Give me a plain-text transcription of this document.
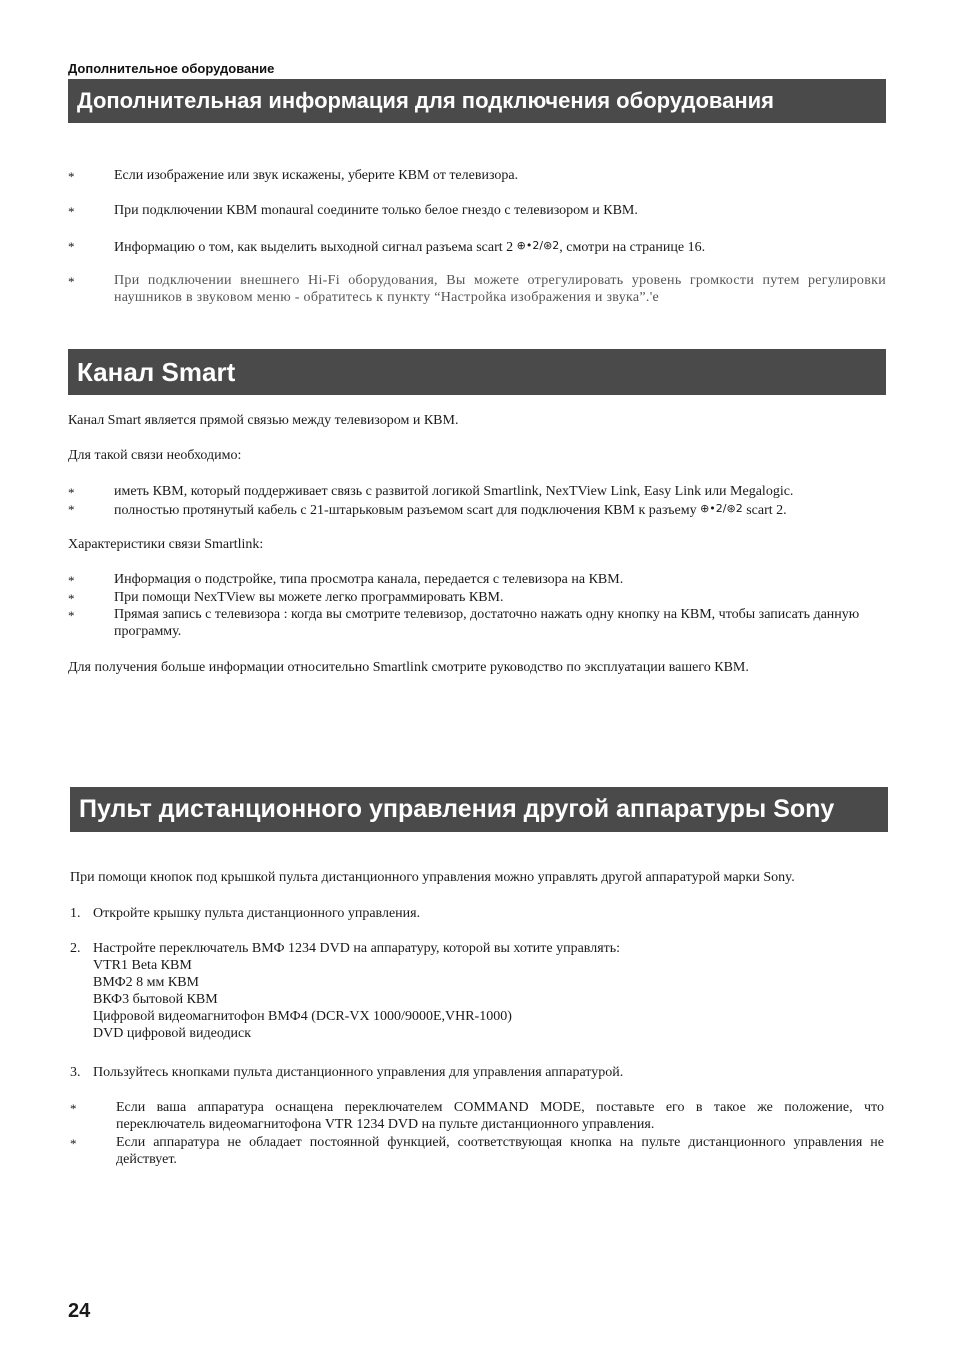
Дополнительное оборудование
Дополнительная информация для подключения оборудования
*	Если изображение или звук искажены, уберите КВМ от телевизора.
*	При подключении КВМ monaural соедините только белое гнездо с телевизором и КВМ.
*	Информацию о том, как выделить выходной сигнал разъема scart 2 ⊕•2/⊛2, смотри на странице 16.
*	При подключении внешнего Hi-Fi оборудования, Вы можете отрегулировать уровень громкости путем регулировки
наушников в звуковом меню - обратитесь к пункту “Настройка изображения и звука”.'е
Канал Smart
Канал Smart является прямой связью между телевизором и КВМ.
Для такой связи необходимо:
*	иметь КВМ, который поддерживает связь с развитой логикой Smartlink, NexTView Link, Easy Link или Megalogic.
*	полностью протянутый кабель с 21-штарьковым разъемом scart для подключения КВМ к разъему ⊕•2/⊛2 scart 2.
Характеристики связи Smartlink:
*	Информация о подстройке, типа просмотра канала, передается с телевизора на КВМ.
*	При помощи NexTView вы можете легко программировать КВМ.
*	Прямая запись с телевизора : когда вы смотрите телевизор, достаточно нажать одну кнопку на КВМ, чтобы записать данную
программу.
Для получения больше информации относительно Smartlink смотрите руководство по эксплуатации вашего КВМ.
Пульт дистанционного управления другой аппаратуры Sony
При помощи кнопок под крышкой пульта дистанционного управления можно управлять другой аппаратурой марки Sony.
1. Откройте крышку пульта дистанционного управления.
2. Настройте переключатель ВМФ 1234 DVD на аппаратуру, которой вы хотите управлять:
VTR1 Beta КВМ
ВМФ2 8 мм КВМ
ВКФ3 бытовой КВМ
Цифровой видеомагнитофон ВМФ4 (DCR-VX 1000/9000E,VHR-1000)
DVD цифровой видеодиск
3. Пользуйтесь кнопками пульта дистанционного управления для управления аппаратурой.
*	Если ваша аппаратура оснащена переключателем COMMAND MODE, поставьте его в такое же положение, что
переключатель видеомагнитофона VTR 1234 DVD на пульте дистанционного управления.
*	Если аппаратура не обладает постоянной функцией, соответствующая кнопка на пульте дистанционного управления не
действует.
24
